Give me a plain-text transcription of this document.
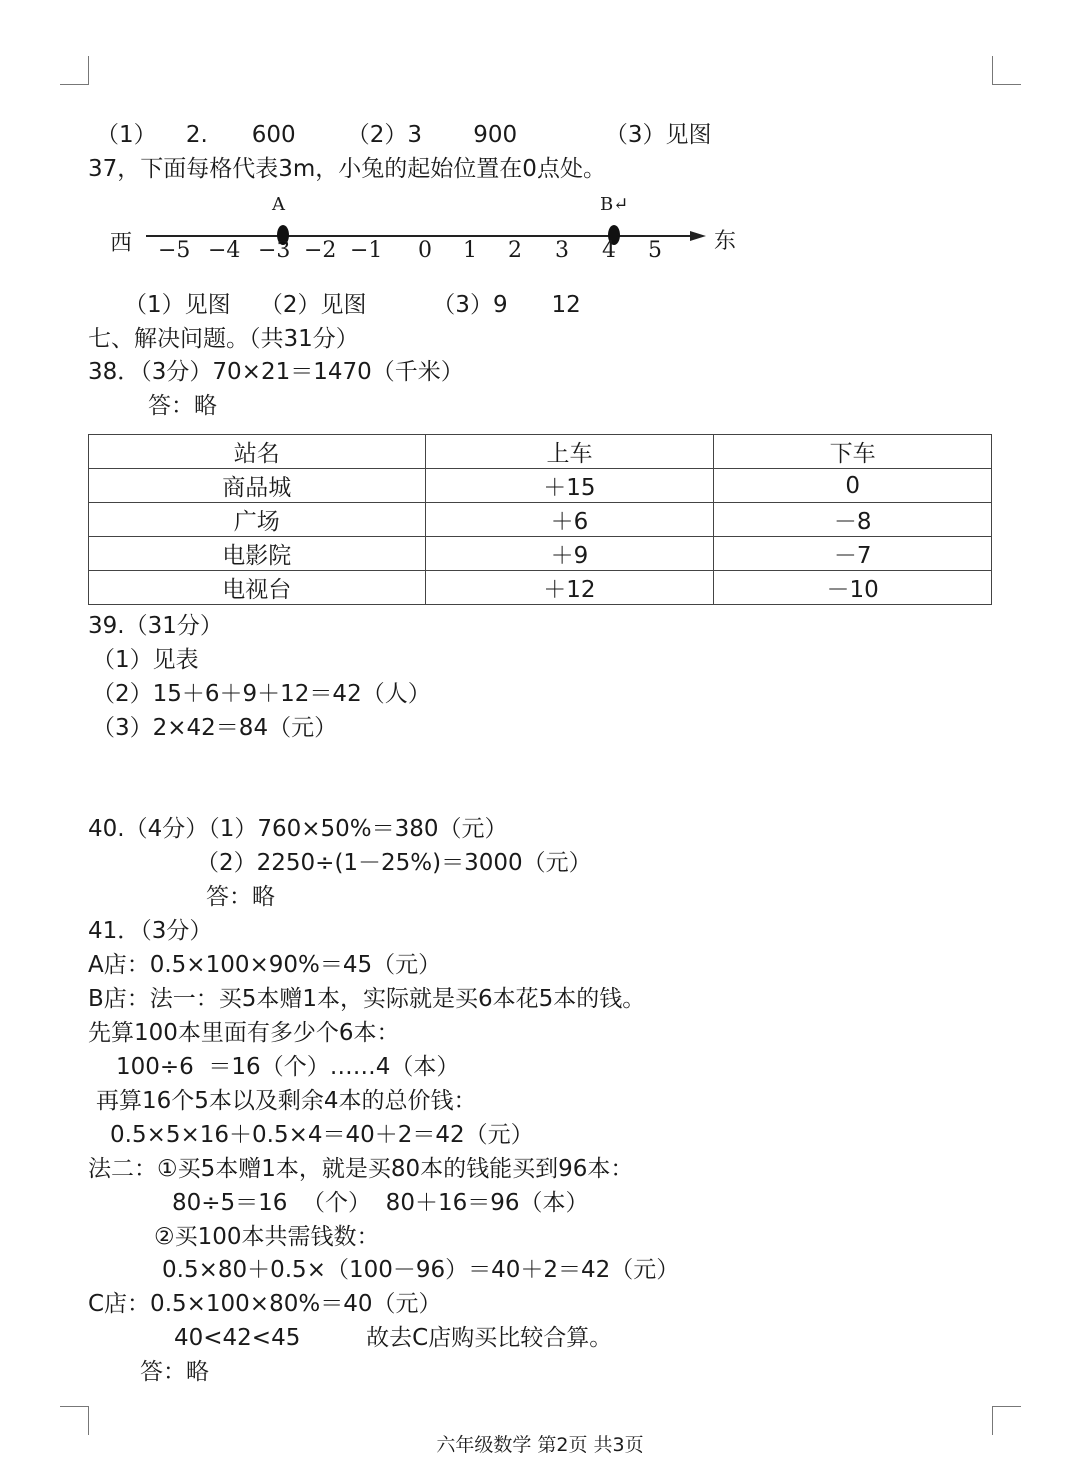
（1）    2.      600       （2）3       900            （3）见图
37，下面每格代表3m，小兔的起始位置在0点处。
西	东
A	B↵
−5 −4 −3 −2 −1 0 1 2 3 4 5
（1）见图    （2）见图         （3）9      12
七、解决问题。（共31分）
38．（3分）70×21＝1470（千米）
答：略
站名	上车	下车
商品城	＋15	0
广场	＋6	－8
电影院	＋9	－7
电视台	＋12	－10
39.（31分）
（1）见表
（2）15＋6＋9＋12＝42（人）
（3）2×42＝84（元）
40.（4分）（1）760×50%＝380（元）
（2）2250÷(1－25%)＝3000（元）
答：略
41．（3分）
A店：0.5×100×90%＝45（元）
B店：法一：买5本赠1本，实际就是买6本花5本的钱。
先算100本里面有多少个6本：
100÷6  ＝16（个）……4（本）
再算16个5本以及剩余4本的总价钱：
0.5×5×16＋0.5×4＝40＋2＝42（元）
法二：①买5本赠1本，就是买80本的钱能买到96本：
80÷5＝16  （个）  80＋16＝96（本）
②买100本共需钱数：
0.5×80＋0.5×（100－96）＝40＋2＝42（元）
C店：0.5×100×80%＝40（元）
40<42<45         故去C店购买比较合算。
答：略
六年级数学 第2页 共3页
